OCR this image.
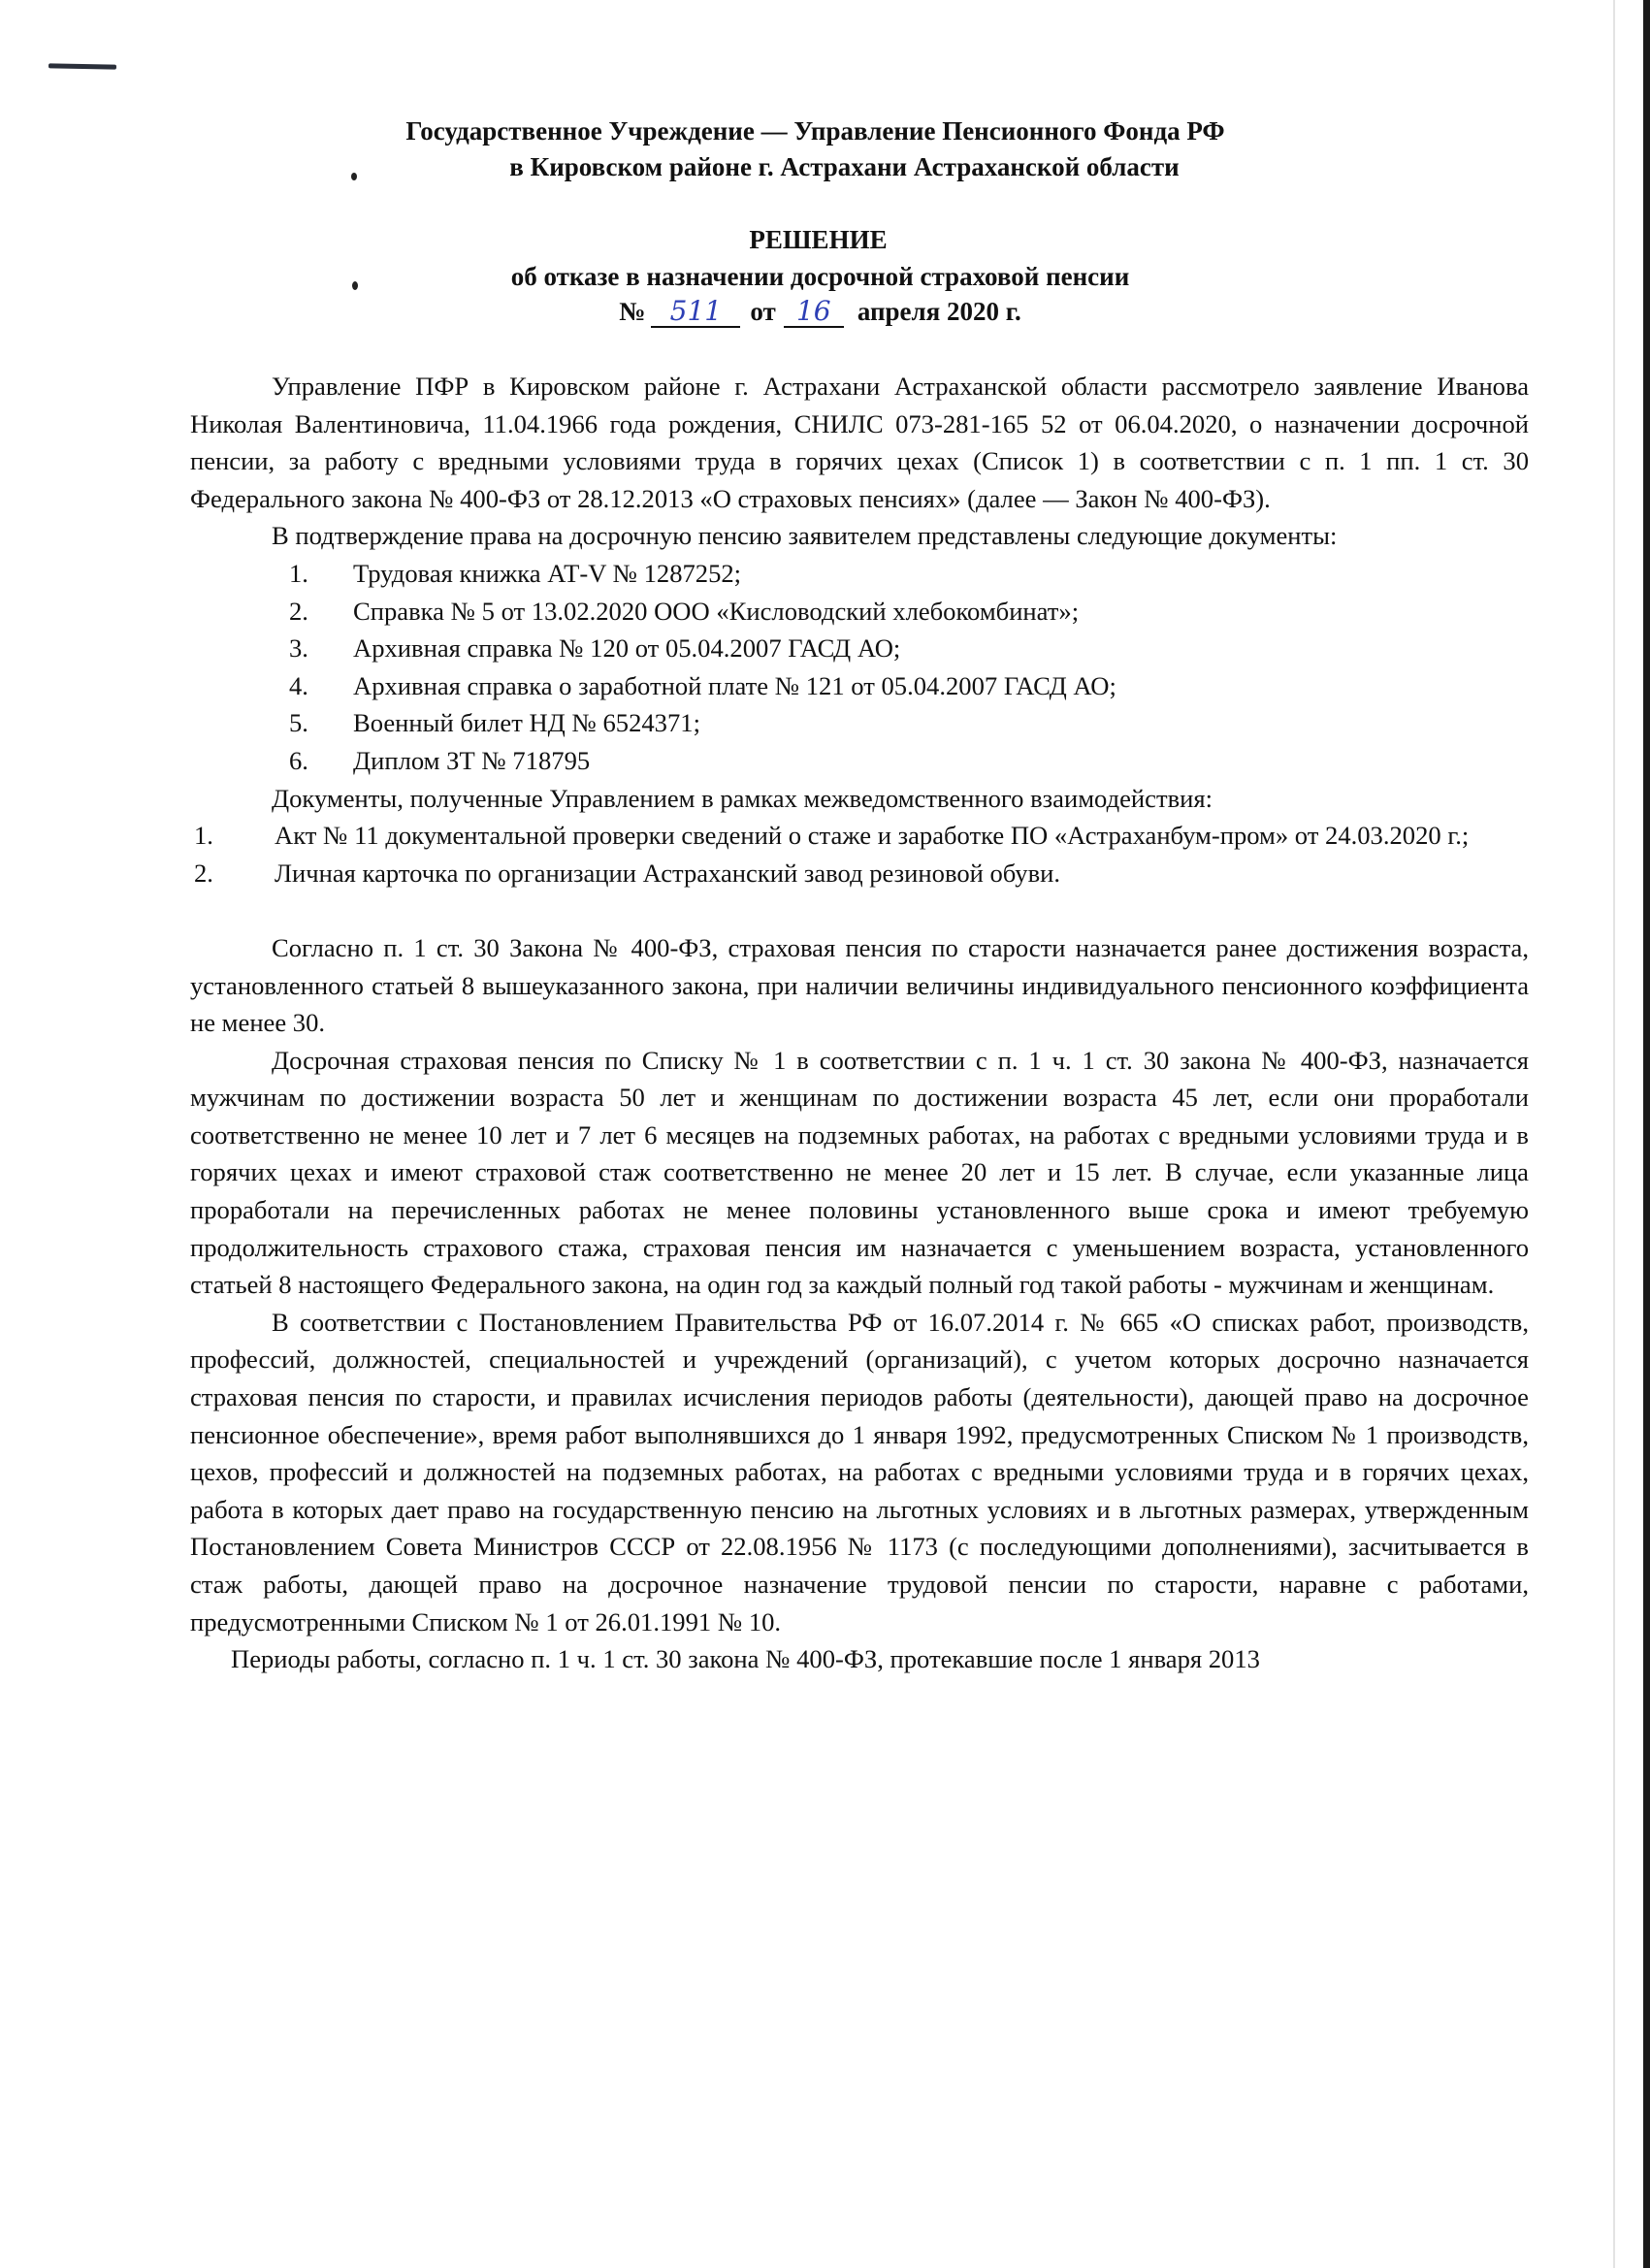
Государственное Учреждение — Управление Пенсионного Фонда РФ
в Кировском районе г. Астрахани Астраханской области
РЕШЕНИЕ
об отказе в назначении досрочной страховой пенсии
№ 511 от 16 апреля 2020 г.

Управление ПФР в Кировском районе г. Астрахани Астраханской области рассмотрело заявление Иванова Николая Валентиновича, 11.04.1966 года рождения, СНИЛС 073-281-165 52 от 06.04.2020, о назначении досрочной пенсии, за работу с вредными условиями труда в горячих цехах (Список 1) в соответствии с п. 1 пп. 1 ст. 30 Федерального закона № 400-ФЗ от 28.12.2013 «О страховых пенсиях» (далее — Закон № 400-ФЗ).

В подтверждение права на досрочную пенсию заявителем представлены следующие документы:

1. Трудовая книжка АТ-V № 1287252;
2. Справка № 5 от 13.02.2020 ООО «Кисловодский хлебокомбинат»;
3. Архивная справка № 120 от 05.04.2007 ГАСД АО;
4. Архивная справка о заработной плате № 121 от 05.04.2007 ГАСД АО;
5. Военный билет НД № 6524371;
6. Диплом ЗТ № 718795

Документы, полученные Управлением в рамках межведомственного взаимодействия:

1. Акт № 11 документальной проверки сведений о стаже и заработке ПО «Астраханбум-пром» от 24.03.2020 г.;
2. Личная карточка по организации Астраханский завод резиновой обуви.

Согласно п. 1 ст. 30 Закона № 400-ФЗ, страховая пенсия по старости назначается ранее достижения возраста, установленного статьей 8 вышеуказанного закона, при наличии величины индивидуального пенсионного коэффициента не менее 30.

Досрочная страховая пенсия по Списку № 1 в соответствии с п. 1 ч. 1 ст. 30 закона № 400-ФЗ, назначается мужчинам по достижении возраста 50 лет и женщинам по достижении возраста 45 лет, если они проработали соответственно не менее 10 лет и 7 лет 6 месяцев на подземных работах, на работах с вредными условиями труда и в горячих цехах и имеют страховой стаж соответственно не менее 20 лет и 15 лет. В случае, если указанные лица проработали на перечисленных работах не менее половины установленного выше срока и имеют требуемую продолжительность страхового стажа, страховая пенсия им назначается с уменьшением возраста, установленного статьей 8 настоящего Федерального закона, на один год за каждый полный год такой работы - мужчинам и женщинам.

В соответствии с Постановлением Правительства РФ от 16.07.2014 г. № 665 «О списках работ, производств, профессий, должностей, специальностей и учреждений (организаций), с учетом которых досрочно назначается страховая пенсия по старости, и правилах исчисления периодов работы (деятельности), дающей право на досрочное пенсионное обеспечение», время работ выполнявшихся до 1 января 1992, предусмотренных Списком № 1 производств, цехов, профессий и должностей на подземных работах, на работах с вредными условиями труда и в горячих цехах, работа в которых дает право на государственную пенсию на льготных условиях и в льготных размерах, утвержденным Постановлением Совета Министров СССР от 22.08.1956 № 1173 (с последующими дополнениями), засчитывается в стаж работы, дающей право на досрочное назначение трудовой пенсии по старости, наравне с работами, предусмотренными Списком № 1 от 26.01.1991 № 10.

Периоды работы, согласно п. 1 ч. 1 ст. 30 закона № 400-ФЗ, протекавшие после 1 января 2013
